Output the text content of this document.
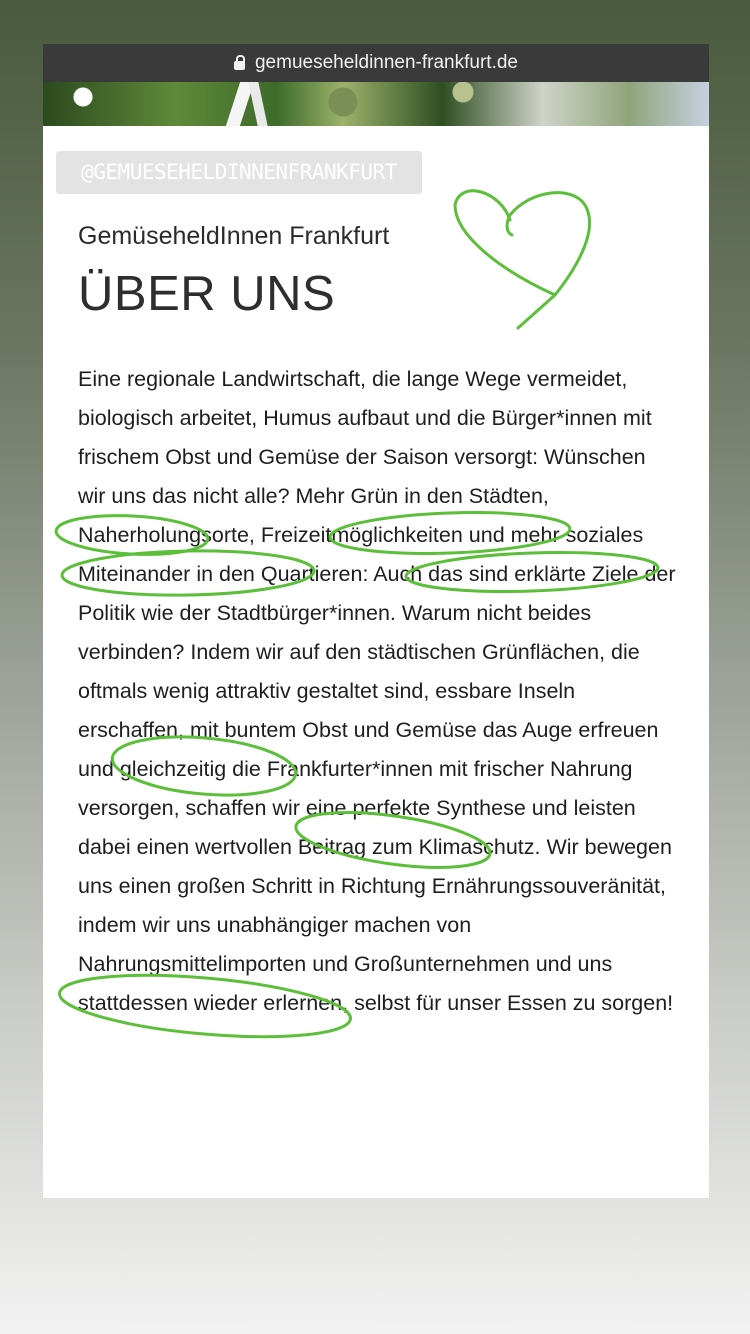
gemueseheldinnen-frankfurt.de
@GEMUESEHELDINNENFRANKFURT
GemüseheldInnen Frankfurt
ÜBER UNS
Eine regionale Landwirtschaft, die lange Wege vermeidet, biologisch arbeitet, Humus aufbaut und die Bürger*innen mit frischem Obst und Gemüse der Saison versorgt: Wünschen wir uns das nicht alle? Mehr Grün in den Städten, Naherholungsorte, Freizeitmöglichkeiten und mehr soziales Miteinander in den Quartieren: Auch das sind erklärte Ziele der Politik wie der Stadtbürger*innen. Warum nicht beides verbinden? Indem wir auf den städtischen Grünflächen, die oftmals wenig attraktiv gestaltet sind, essbare Inseln erschaffen, mit buntem Obst und Gemüse das Auge erfreuen und gleichzeitig die Frankfurter*innen mit frischer Nahrung versorgen, schaffen wir eine perfekte Synthese und leisten dabei einen wertvollen Beitrag zum Klimaschutz. Wir bewegen uns einen großen Schritt in Richtung Ernährungssouveränität, indem wir uns unabhängiger machen von Nahrungsmittelimporten und Großunternehmen und uns stattdessen wieder erlernen, selbst für unser Essen zu sorgen!
